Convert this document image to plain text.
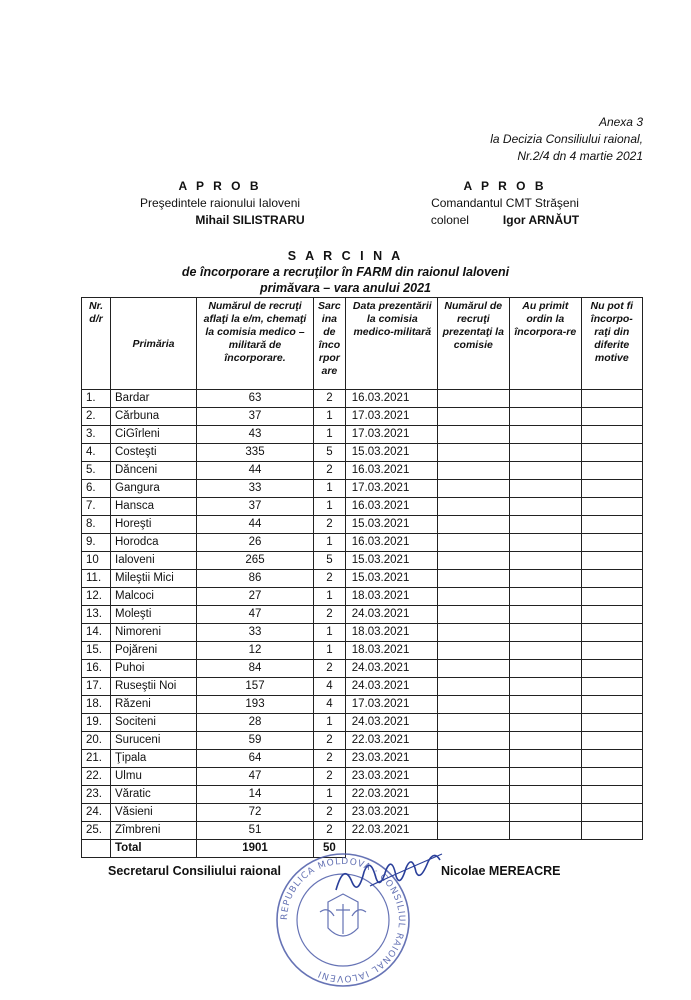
Anexa 3
la Decizia Consiliului raional,
Nr.2/4 dn 4 martie 2021
A P R O B
Preşedintele raionului Ialoveni
Mihail SILISTRARU
A P R O B
Comandantul CMT Străşeni
colonel	Igor ARNĂUT
S A R C I N A
de încorporare a recruţilor în FARM din raionul Ialoveni
primăvara – vara anului 2021
Nr. d/r	Primăria	Numărul de recruţi aflaţi la e/m, chemaţi la comisia medico – militară de încorporare.	Sarc ina de înco rpor are	Data prezentării la comisia medico-militară	Numărul de recruţi prezentaţi la comisie	Au primit ordin la încorpora-re	Nu pot fi încorpo-raţi din diferite motive
1.	Bardar	63	2	16.03.2021			
2.	Cărbuna	37	1	17.03.2021			
3.	CiGîrleni	43	1	17.03.2021			
4.	Costeşti	335	5	15.03.2021			
5.	Dănceni	44	2	16.03.2021			
6.	Gangura	33	1	17.03.2021			
7.	Hansca	37	1	16.03.2021			
8.	Horeşti	44	2	15.03.2021			
9.	Horodca	26	1	16.03.2021			
10	Ialoveni	265	5	15.03.2021			
11.	Mileştii Mici	86	2	15.03.2021			
12.	Malcoci	27	1	18.03.2021			
13.	Moleşti	47	2	24.03.2021			
14.	Nimoreni	33	1	18.03.2021			
15.	Pojăreni	12	1	18.03.2021			
16.	Puhoi	84	2	24.03.2021			
17.	Ruseştii Noi	157	4	24.03.2021			
18.	Răzeni	193	4	17.03.2021			
19.	Sociteni	28	1	24.03.2021			
20.	Suruceni	59	2	22.03.2021			
21.	Ţipala	64	2	23.03.2021			
22.	Ulmu	47	2	23.03.2021			
23.	Văratic	14	1	22.03.2021			
24.	Văsieni	72	2	23.03.2021			
25.	Zîmbreni	51	2	22.03.2021			
	Total	1901	50				
Secretarul Consiliului raional	Nicolae MEREACRE
REPUBLICA MOLDOVA · CONSILIUL RAIONAL IALOVENI
